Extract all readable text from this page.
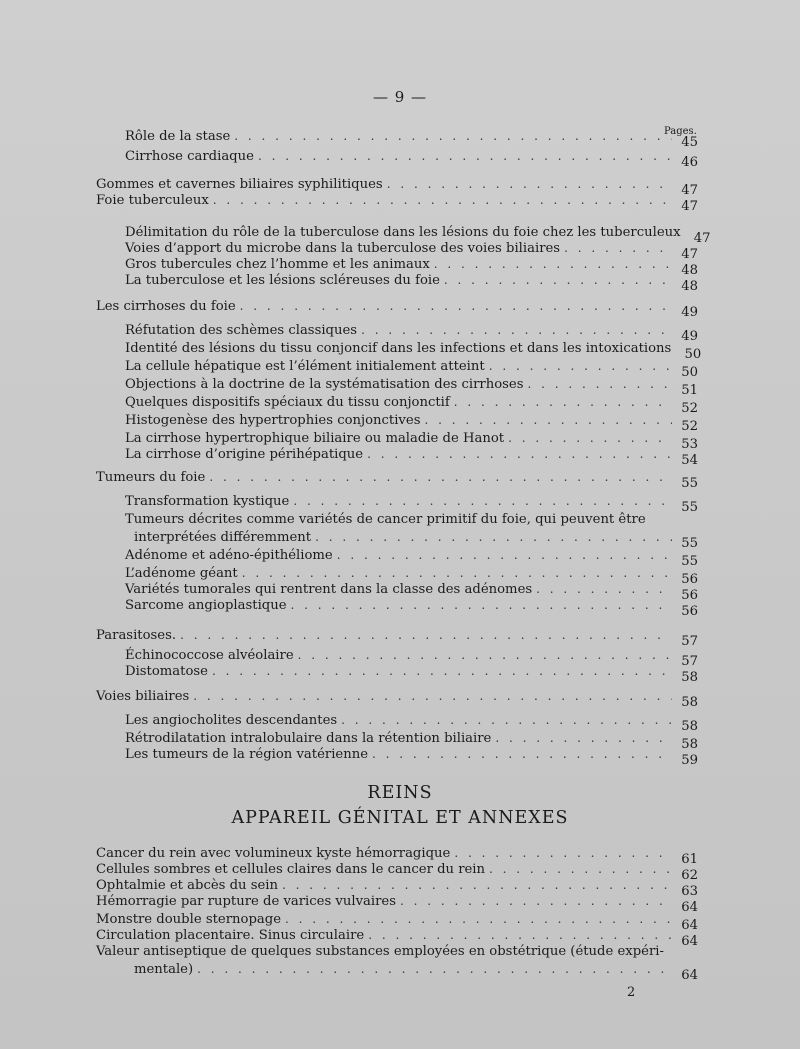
— 9 —
Pages.
Rôle de la stase . . .	45
Cirrhose cardiaque . . .	46
Gommes et cavernes biliaires syphilitiques . . .	47
Foie tuberculeux . . .	47
Délimitation du rôle de la tuberculose dans les lésions du foie chez les tuberculeux	47
Voies d’apport du microbe dans la tuberculose des voies biliaires . . .	47
Gros tubercules chez l’homme et les animaux . . .	48
La tuberculose et les lésions scléreuses du foie . . .	48
Les cirrhoses du foie . . .	49
Réfutation des schèmes classiques . . .	49
Identité des lésions du tissu conjoncif dans les infections et dans les intoxications	50
La cellule hépatique est l’élément initialement atteint . . .	50
Objections à la doctrine de la systématisation des cirrhoses . . .	51
Quelques dispositifs spéciaux du tissu conjonctif . . .	52
Histogenèse des hypertrophies conjonctives . . .	52
La cirrhose hypertrophique biliaire ou maladie de Hanot . . .	53
La cirrhose d’origine périhépatique . . .	54
Tumeurs du foie . . .	55
Transformation kystique . . .	55
Tumeurs décrites comme variétés de cancer primitif du foie, qui peuvent être
interprétées différemment . . .	55
Adénome et adéno-épithéliome . . .	55
L’adénome géant . . .	56
Variétés tumorales qui rentrent dans la classe des adénomes . . .	56
Sarcome angioplastique . . .	56
Parasitoses. . . .	57
Échinococcose alvéolaire . . .	57
Distomatose . . .	58
Voies biliaires . . .	58
Les angiocholites descendantes . . .	58
Rétrodilatation intralobulaire dans la rétention biliaire . . .	58
Les tumeurs de la région vatérienne . . .	59
Cancer du rein avec volumineux kyste hémorragique . . .	61
Cellules sombres et cellules claires dans le cancer du rein . . .	62
Ophtalmie et abcès du sein . . .	63
Hémorragie par rupture de varices vulvaires . . .	64
Monstre double sternopage . . .	64
Circulation placentaire. Sinus circulaire . . .	64
Valeur antiseptique de quelques substances employées en obstétrique (étude expéri-
mentale) . . .	64
REINS
APPAREIL GÉNITAL ET ANNEXES
2
